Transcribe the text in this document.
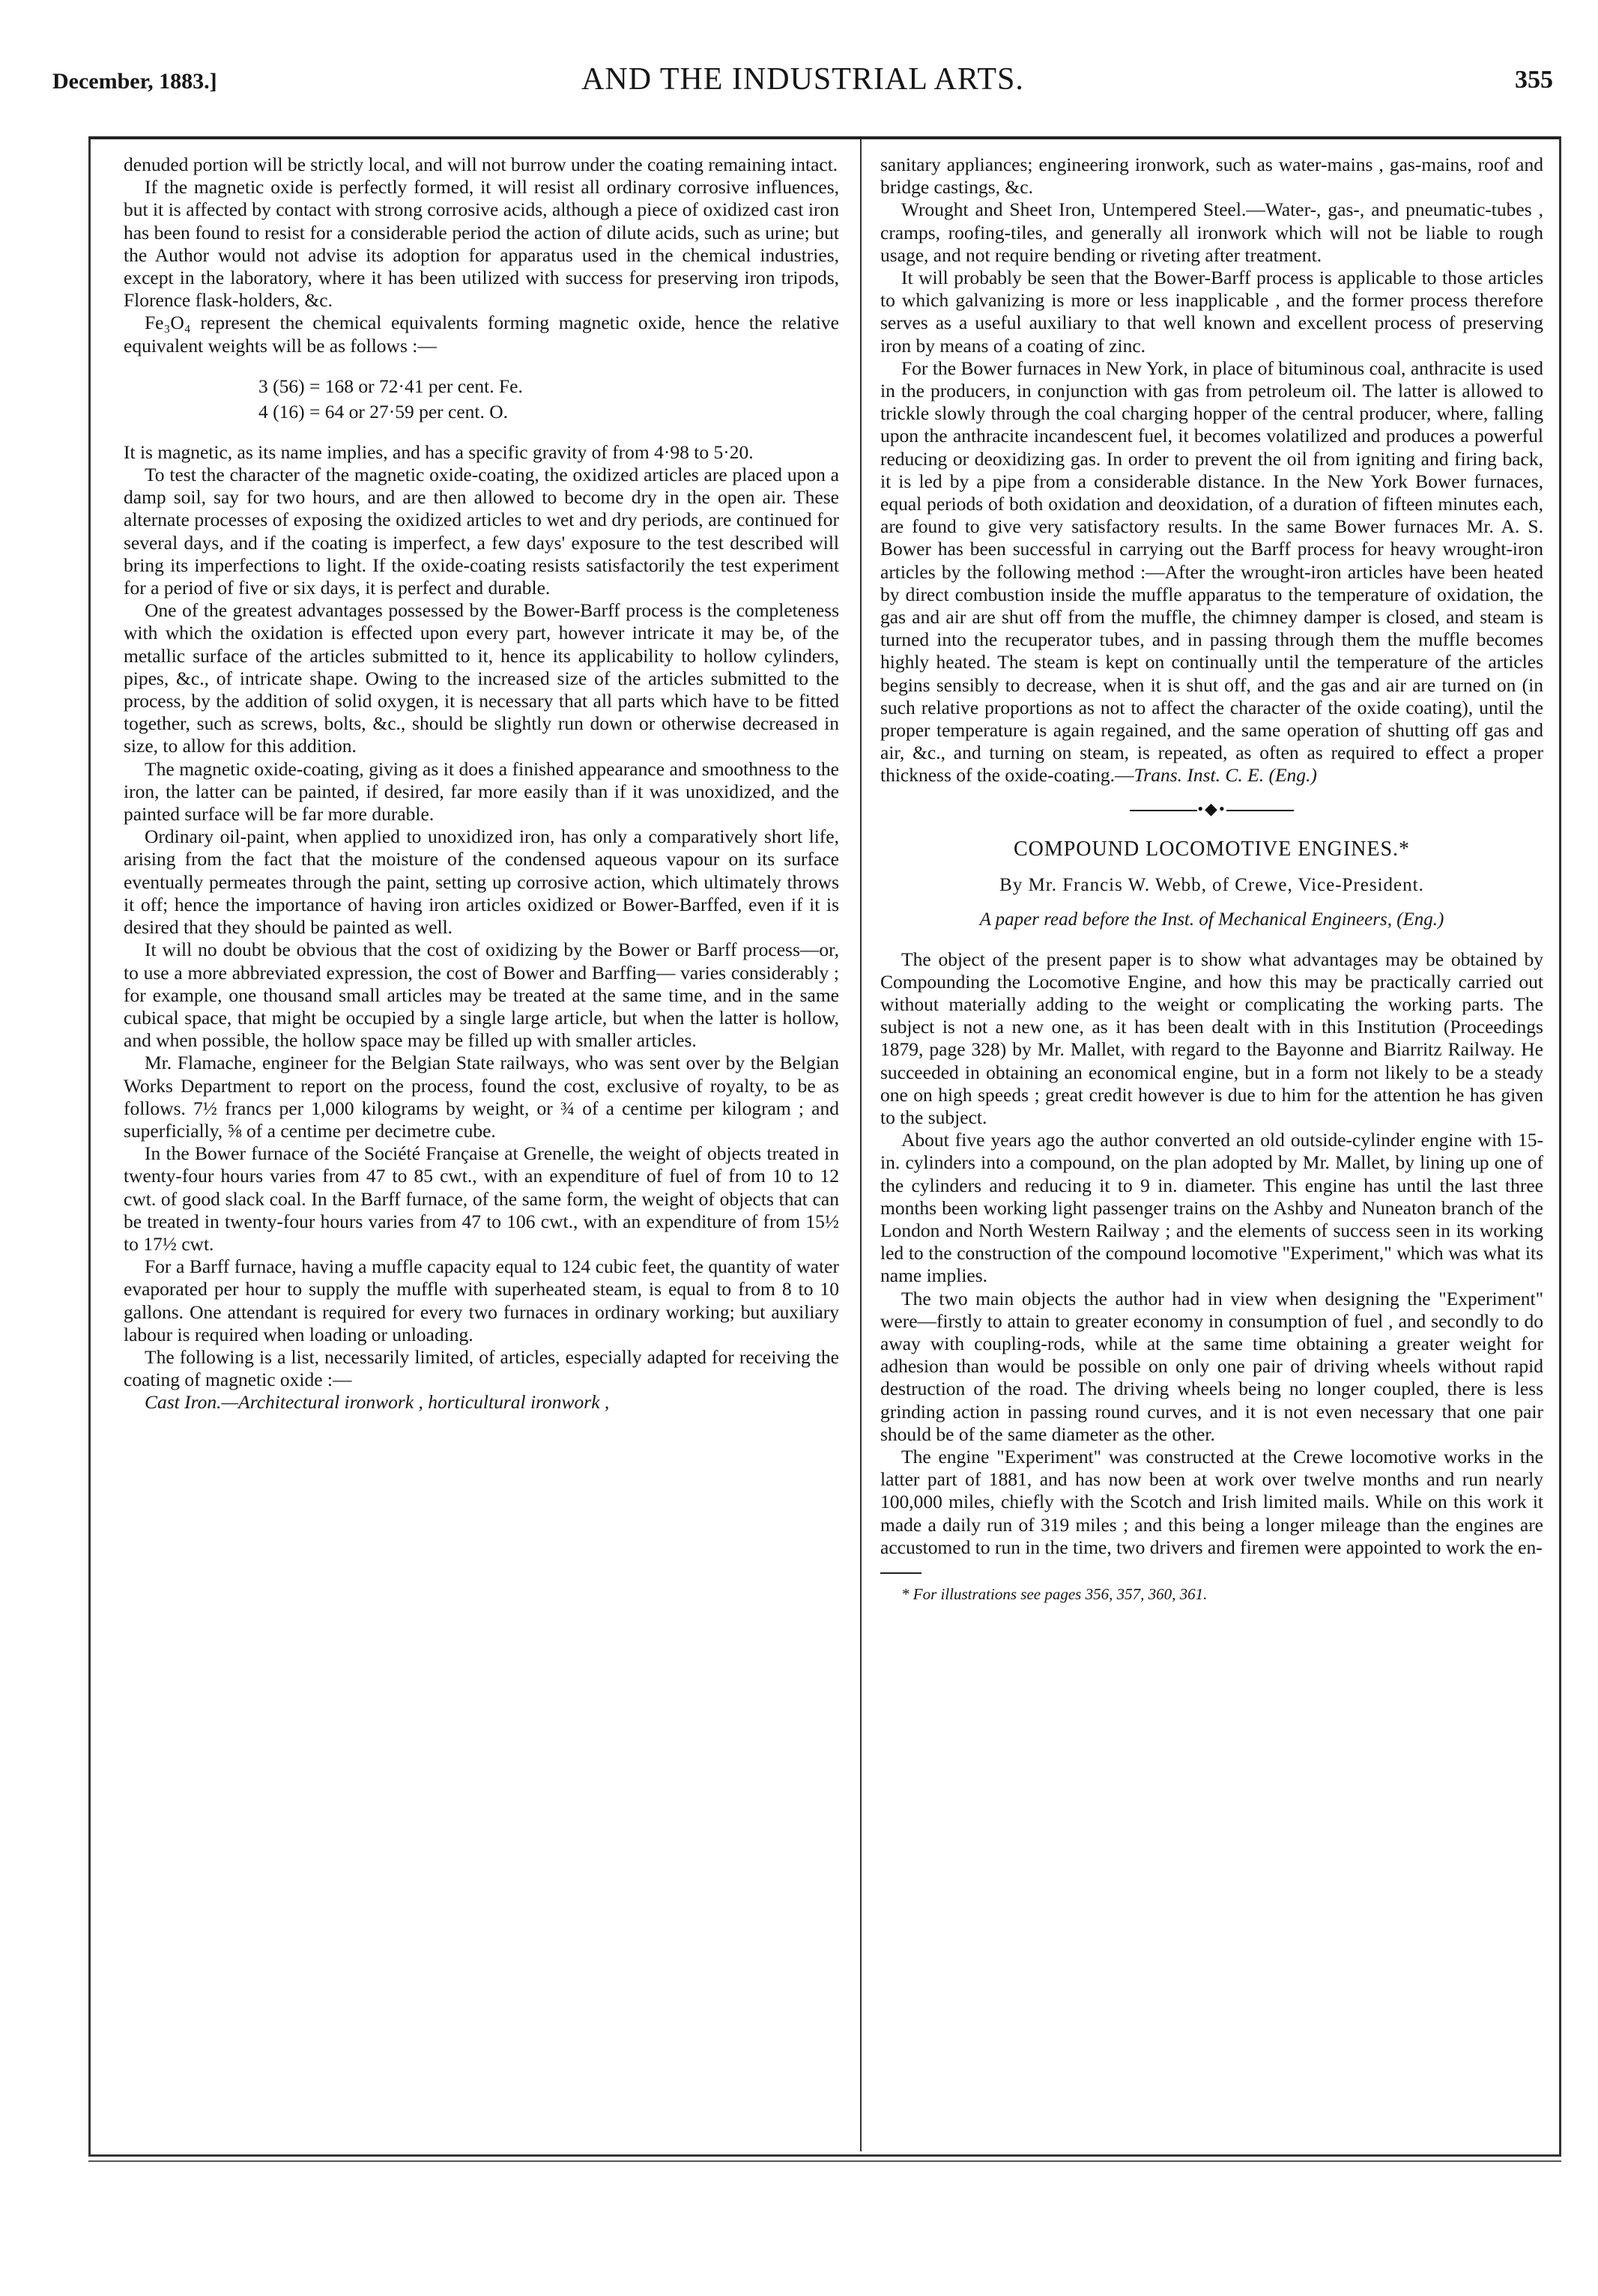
December, 1883.]	AND THE INDUSTRIAL ARTS.	355

denuded portion will be strictly local, and will not burrow under the coating remaining intact.

If the magnetic oxide is perfectly formed, it will resist all ordinary corrosive influences, but it is affected by contact with strong corrosive acids, although a piece of oxidized cast iron has been found to resist for a considerable period the action of dilute acids, such as urine; but the Author would not advise its adoption for apparatus used in the chemical industries, except in the laboratory, where it has been utilized with success for preserving iron tripods, Florence flask-holders, &c.

Fe₃O₄ represent the chemical equivalents forming magnetic oxide, hence the relative equivalent weights will be as follows :—

3 (56) = 168 or 72·41 per cent. Fe.
4 (16) = 64 or 27·59 per cent. O.

It is magnetic, as its name implies, and has a specific gravity of from 4·98 to 5·20.

To test the character of the magnetic oxide-coating, the oxidized articles are placed upon a damp soil, say for two hours, and are then allowed to become dry in the open air. These alternate processes of exposing the oxidized articles to wet and dry periods, are continued for several days, and if the coating is imperfect, a few days' exposure to the test described will bring its imperfections to light. If the oxide-coating resists satisfactorily the test experiment for a period of five or six days, it is perfect and durable.

One of the greatest advantages possessed by the Bower-Barff process is the completeness with which the oxidation is effected upon every part, however intricate it may be, of the metallic surface of the articles submitted to it, hence its applicability to hollow cylinders, pipes, &c., of intricate shape. Owing to the increased size of the articles submitted to the process, by the addition of solid oxygen, it is necessary that all parts which have to be fitted together, such as screws, bolts, &c., should be slightly run down or otherwise decreased in size, to allow for this addition.

The magnetic oxide-coating, giving as it does a finished appearance and smoothness to the iron, the latter can be painted, if desired, far more easily than if it was unoxidized, and the painted surface will be far more durable.

Ordinary oil-paint, when applied to unoxidized iron, has only a comparatively short life, arising from the fact that the moisture of the condensed aqueous vapour on its surface eventually permeates through the paint, setting up corrosive action, which ultimately throws it off; hence the importance of having iron articles oxidized or Bower-Barffed, even if it is desired that they should be painted as well.

It will no doubt be obvious that the cost of oxidizing by the Bower or Barff process—or, to use a more abbreviated expression, the cost of Bower and Barffing— varies considerably ; for example, one thousand small articles may be treated at the same time, and in the same cubical space, that might be occupied by a single large article, but when the latter is hollow, and when possible, the hollow space may be filled up with smaller articles.

Mr. Flamache, engineer for the Belgian State railways, who was sent over by the Belgian Works Department to report on the process, found the cost, exclusive of royalty, to be as follows. 7½ francs per 1,000 kilograms by weight, or ¾ of a centime per kilogram ; and superficially, ⅝ of a centime per decimetre cube.

In the Bower furnace of the Société Française at Grenelle, the weight of objects treated in twenty-four hours varies from 47 to 85 cwt., with an expenditure of fuel of from 10 to 12 cwt. of good slack coal. In the Barff furnace, of the same form, the weight of objects that can be treated in twenty-four hours varies from 47 to 106 cwt., with an expenditure of from 15½ to 17½ cwt.

For a Barff furnace, having a muffle capacity equal to 124 cubic feet, the quantity of water evaporated per hour to supply the muffle with superheated steam, is equal to from 8 to 10 gallons. One attendant is required for every two furnaces in ordinary working; but auxiliary labour is required when loading or unloading.

The following is a list, necessarily limited, of articles, especially adapted for receiving the coating of magnetic oxide :—

Cast Iron.—Architectural ironwork , horticultural ironwork ,

sanitary appliances; engineering ironwork, such as water-mains , gas-mains, roof and bridge castings, &c.

Wrought and Sheet Iron, Untempered Steel.—Water-, gas-, and pneumatic-tubes , cramps, roofing-tiles, and generally all ironwork which will not be liable to rough usage, and not require bending or riveting after treatment.

It will probably be seen that the Bower-Barff process is applicable to those articles to which galvanizing is more or less inapplicable , and the former process therefore serves as a useful auxiliary to that well known and excellent process of preserving iron by means of a coating of zinc.

For the Bower furnaces in New York, in place of bituminous coal, anthracite is used in the producers, in conjunction with gas from petroleum oil. The latter is allowed to trickle slowly through the coal charging hopper of the central producer, where, falling upon the anthracite incandescent fuel, it becomes volatilized and produces a powerful reducing or deoxidizing gas. In order to prevent the oil from igniting and firing back, it is led by a pipe from a considerable distance. In the New York Bower furnaces, equal periods of both oxidation and deoxidation, of a duration of fifteen minutes each, are found to give very satisfactory results. In the same Bower furnaces Mr. A. S. Bower has been successful in carrying out the Barff process for heavy wrought-iron articles by the following method :—After the wrought-iron articles have been heated by direct combustion inside the muffle apparatus to the temperature of oxidation, the gas and air are shut off from the muffle, the chimney damper is closed, and steam is turned into the recuperator tubes, and in passing through them the muffle becomes highly heated. The steam is kept on continually until the temperature of the articles begins sensibly to decrease, when it is shut off, and the gas and air are turned on (in such relative proportions as not to affect the character of the oxide coating), until the proper temperature is again regained, and the same operation of shutting off gas and air, &c., and turning on steam, is repeated, as often as required to effect a proper thickness of the oxide-coating.—Trans. Inst. C. E. (Eng.)

•◆•
COMPOUND LOCOMOTIVE ENGINES.*
By Mr. Francis W. Webb, of Crewe, Vice-President.
A paper read before the Inst. of Mechanical Engineers, (Eng.)

The object of the present paper is to show what advantages may be obtained by Compounding the Locomotive Engine, and how this may be practically carried out without materially adding to the weight or complicating the working parts. The subject is not a new one, as it has been dealt with in this Institution (Proceedings 1879, page 328) by Mr. Mallet, with regard to the Bayonne and Biarritz Railway. He succeeded in obtaining an economical engine, but in a form not likely to be a steady one on high speeds ; great credit however is due to him for the attention he has given to the subject.

About five years ago the author converted an old outside-cylinder engine with 15-in. cylinders into a compound, on the plan adopted by Mr. Mallet, by lining up one of the cylinders and reducing it to 9 in. diameter. This engine has until the last three months been working light passenger trains on the Ashby and Nuneaton branch of the London and North Western Railway ; and the elements of success seen in its working led to the construction of the compound locomotive "Experiment," which was what its name implies.

The two main objects the author had in view when designing the "Experiment" were—firstly to attain to greater economy in consumption of fuel , and secondly to do away with coupling-rods, while at the same time obtaining a greater weight for adhesion than would be possible on only one pair of driving wheels without rapid destruction of the road. The driving wheels being no longer coupled, there is less grinding action in passing round curves, and it is not even necessary that one pair should be of the same diameter as the other.

The engine "Experiment" was constructed at the Crewe locomotive works in the latter part of 1881, and has now been at work over twelve months and run nearly 100,000 miles, chiefly with the Scotch and Irish limited mails. While on this work it made a daily run of 319 miles ; and this being a longer mileage than the engines are accustomed to run in the time, two drivers and firemen were appointed to work the en-

* For illustrations see pages 356, 357, 360, 361.
